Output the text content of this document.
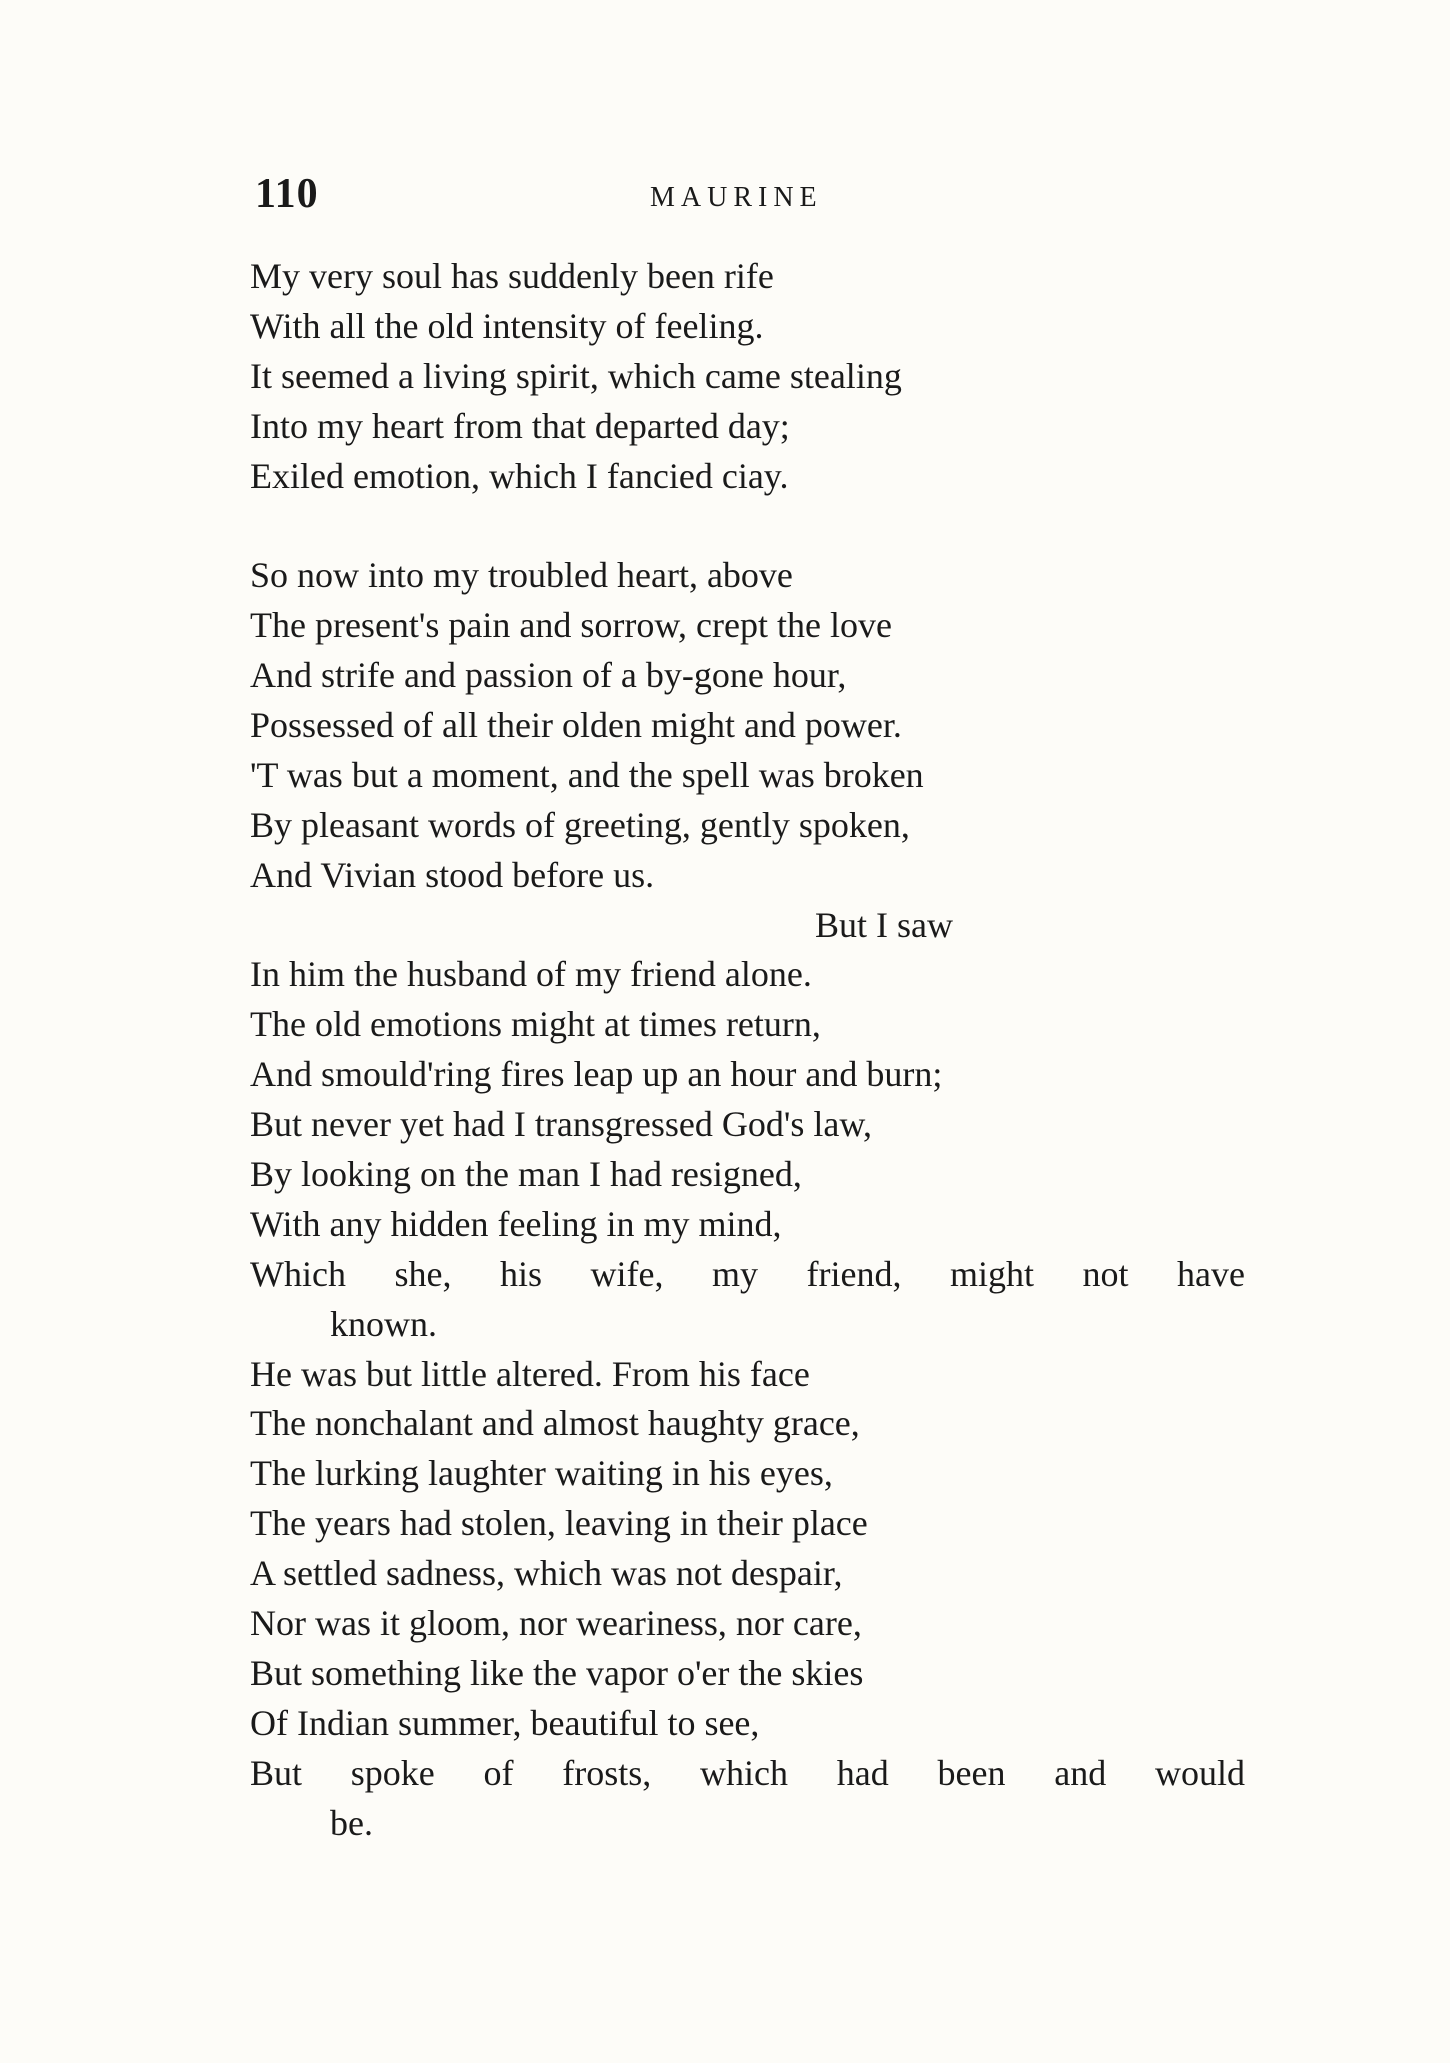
110	MAURINE
My very soul has suddenly been rife
With all the old intensity of feeling.
It seemed a living spirit, which came stealing
Into my heart from that departed day;
Exiled emotion, which I fancied ciay.
So now into my troubled heart, above
The present's pain and sorrow, crept the love
And strife and passion of a by-gone hour,
Possessed of all their olden might and power.
'T was but a moment, and the spell was broken
By pleasant words of greeting, gently spoken,
And Vivian stood before us.
But I saw
In him the husband of my friend alone.
The old emotions might at times return,
And smould'ring fires leap up an hour and burn;
But never yet had I transgressed God's law,
By looking on the man I had resigned,
With any hidden feeling in my mind,
Which she, his wife, my friend, might not have
known.
He was but little altered. From his face
The nonchalant and almost haughty grace,
The lurking laughter waiting in his eyes,
The years had stolen, leaving in their place
A settled sadness, which was not despair,
Nor was it gloom, nor weariness, nor care,
But something like the vapor o'er the skies
Of Indian summer, beautiful to see,
But spoke of frosts, which had been and would
be.
